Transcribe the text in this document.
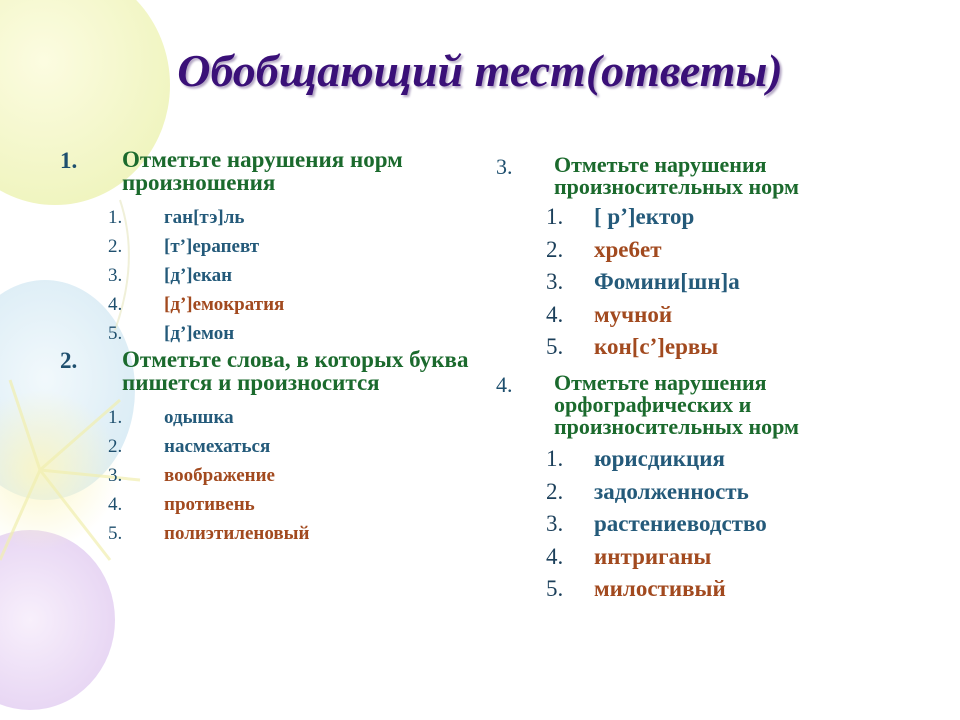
Обобщающий тест(ответы)
1.	Отметьте нарушения норм произношения
1.	ган[тэ]ль
2.	[т’]ерапевт
3.	[д’]екан
4.	[д’]емократия
5.	[д’]емон
2.	Отметьте слова, в которых буква пишется и произносится
1.	одышка
2.	насмехаться
3.	воображение
4.	противень
5.	полиэтиленовый
3.	Отметьте нарушения произносительных норм
1.	[ р’]ектор
2.	хре6ет
3.	Фомини[шн]а
4.	мучной
5.	кон[с’]ервы
4.	Отметьте нарушения орфографических и произносительных норм
1.	юрисдикция
2.	задолженность
3.	растениеводство
4.	интриганы
5.	милостивый
